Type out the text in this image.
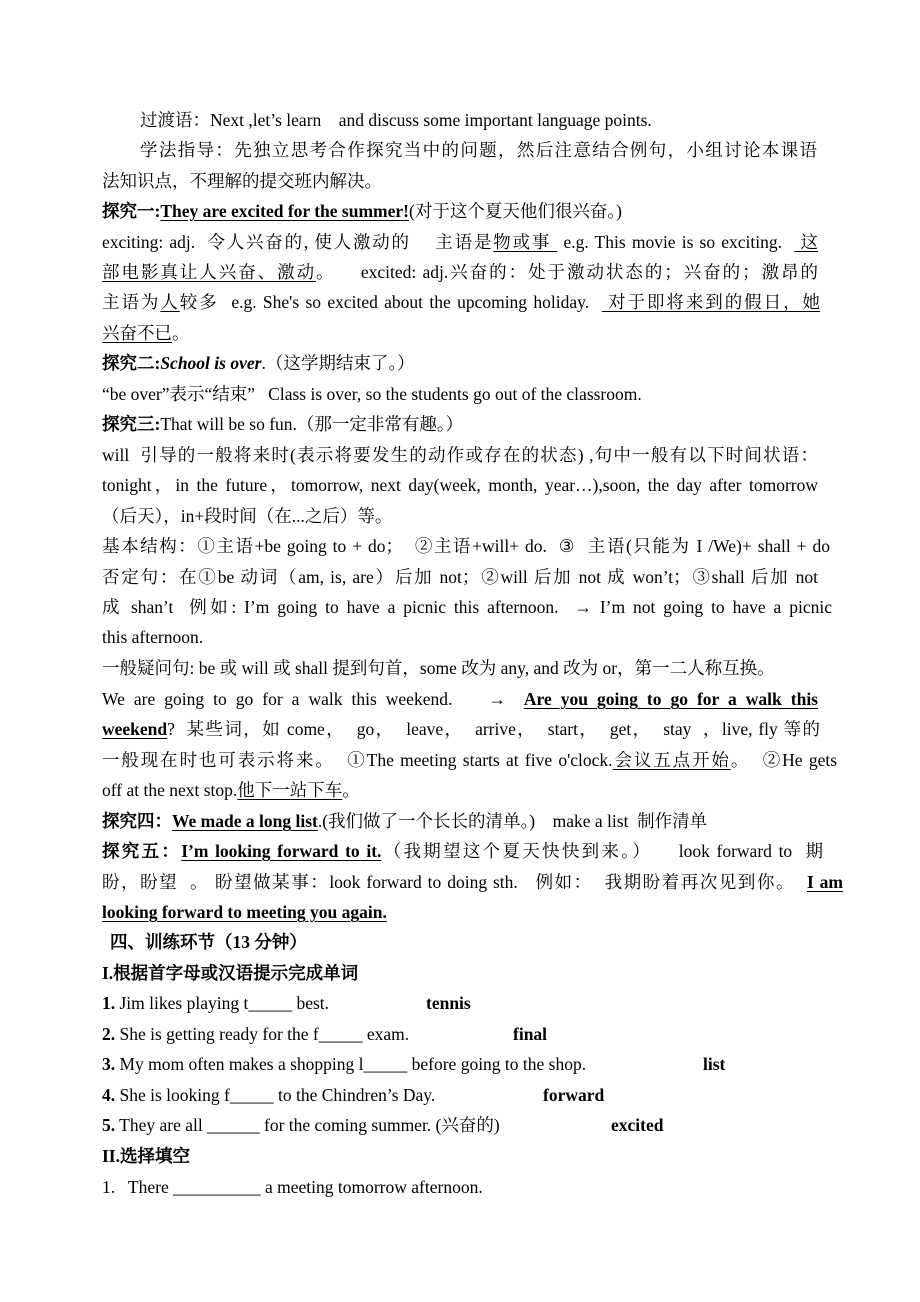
过渡语：Next ,let’s learn    and discuss some important language points.
学法指导：先独立思考合作探究当中的问题，然后注意结合例句，小组讨论本课语
法知识点，不理解的提交班内解决。
探究一:They are excited for the summer!(对于这个夏天他们很兴奋。)
exciting: adj.  令人兴奋的, 使人激动的    主语是物或事  e.g. This movie is so exciting.   这
部电影真让人兴奋、激动。    excited: adj.兴奋的：处于激动状态的；兴奋的；激昂的
主语为人较多  e.g. She's so excited about the upcoming holiday.   对于即将来到的假日，她
兴奋不已。
探究二:School is over.（这学期结束了。）
“be over”表示“结束”   Class is over, so the students go out of the classroom.
探究三:That will be so fun.（那一定非常有趣。）
will  引导的一般将来时(表示将要发生的动作或存在的状态) ,句中一般有以下时间状语：
tonight，in the future，tomorrow, next day(week, month, year…),soon, the day after tomorrow
（后天），in+段时间（在...之后）等。
基本结构：①主语+be going to + do；  ②主语+will+ do.  ③  主语(只能为 I /We)+ shall + do
否定句：在①be 动词（am, is, are）后加 not；②will 后加 not 成 won’t；③shall 后加 not
成 shan’t  例如: I’m going to have a picnic this afternoon.  → I’m not going to have a picnic
this afternoon.
一般疑问句: be 或 will 或 shall 提到句首，some 改为 any, and 改为 or，第一二人称互换。
We are going to go for a walk this weekend.    →  Are you going to go for a walk this
weekend?  某些词，如 come，  go，  leave，  arrive，  start，  get，  stay  ，live, fly 等的
一般现在时也可表示将来。  ①The meeting starts at five o'clock.会议五点开始。  ②He gets
off at the next stop.他下一站下车。
探究四：We made a long list.(我们做了一个长长的清单。)    make a list  制作清单
探究五：I’m looking forward to it.（我期望这个夏天快快到来。）    look forward to  期
盼，盼望  。 盼望做某事：look forward to doing sth.   例如：  我期盼着再次见到你。  I am
looking forward to meeting you again.
四、训练环节（13 分钟）
I.根据首字母或汉语提示完成单词
1. Jim likes playing t_____ best.	tennis
2. She is getting ready for the f_____ exam.	final
3. My mom often makes a shopping l_____ before going to the shop.	list
4. She is looking f_____ to the Chindren’s Day.	forward
5. They are all ______ for the coming summer. (兴奋的)	excited
II.选择填空
1.   There __________ a meeting tomorrow afternoon.
